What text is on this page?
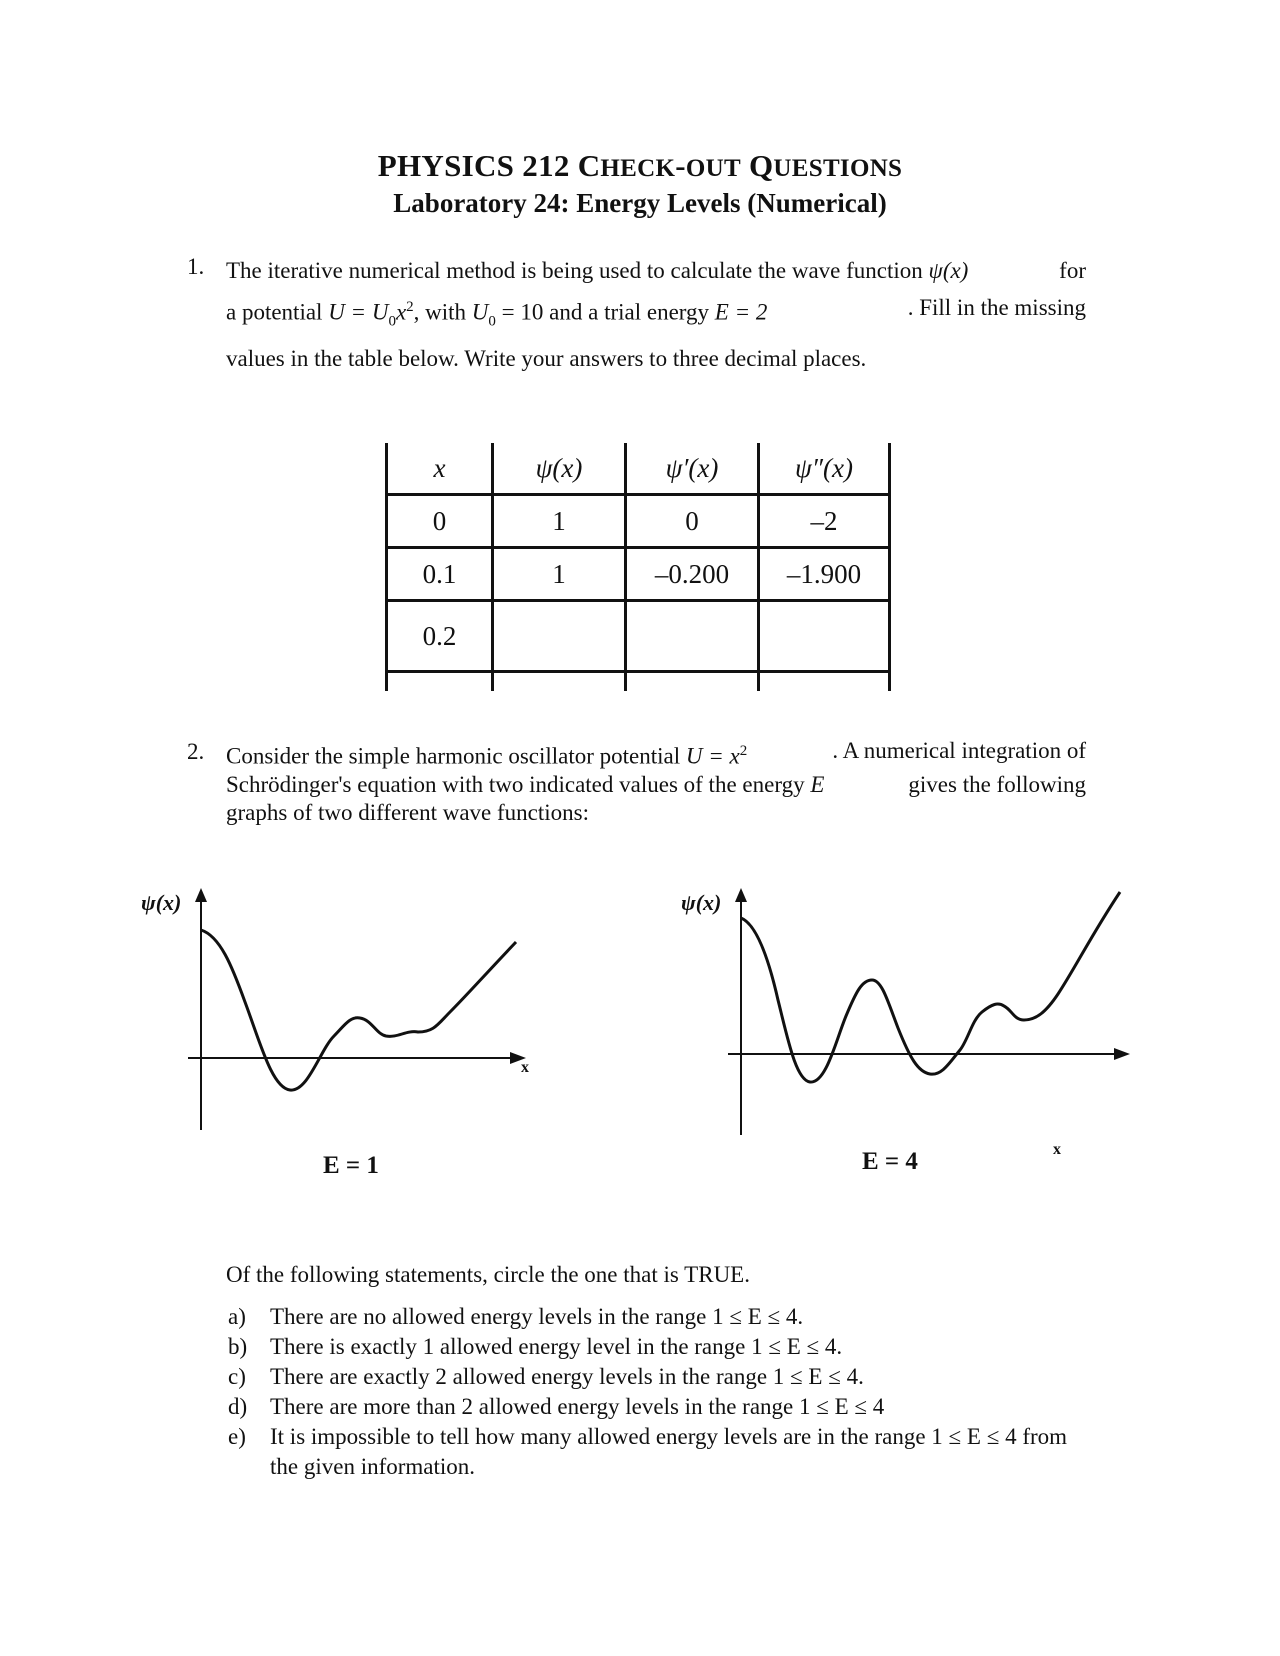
PHYSICS 212 CHECK-OUT QUESTIONS
Laboratory 24: Energy Levels (Numerical)
1. The iterative numerical method is being used to calculate the wave function ψ(x)	for
a potential $U = U_0x^2$, with $U_0 = 10$ and a trial energy E = 2	. Fill in the missing
values in the table below. Write your answers to three decimal places.
x	ψ(x)	ψ′(x)	ψ″(x)
0	1	0	–2
0.1	1	–0.200	–1.900
0.2			

2. Consider the simple harmonic oscillator potential $U = x^2$	. A numerical integration of
Schrödinger's equation with two indicated values of the energy E	gives the following
graphs of two different wave functions:
ψ(x)
x
E = 1
ψ(x)
x
E = 4
Of the following statements, circle the one that is TRUE.
a)	There are no allowed energy levels in the range 1 ≤ E ≤ 4.
b) There is exactly 1 allowed energy level in the range 1 ≤ E ≤ 4.
c)	There are exactly 2 allowed energy levels in the range 1 ≤ E ≤ 4.
d) There are more than 2 allowed energy levels in the range 1 ≤ E ≤ 4
e)	It is impossible to tell how many allowed energy levels are in the range 1 ≤ E ≤ 4 from the given information.
